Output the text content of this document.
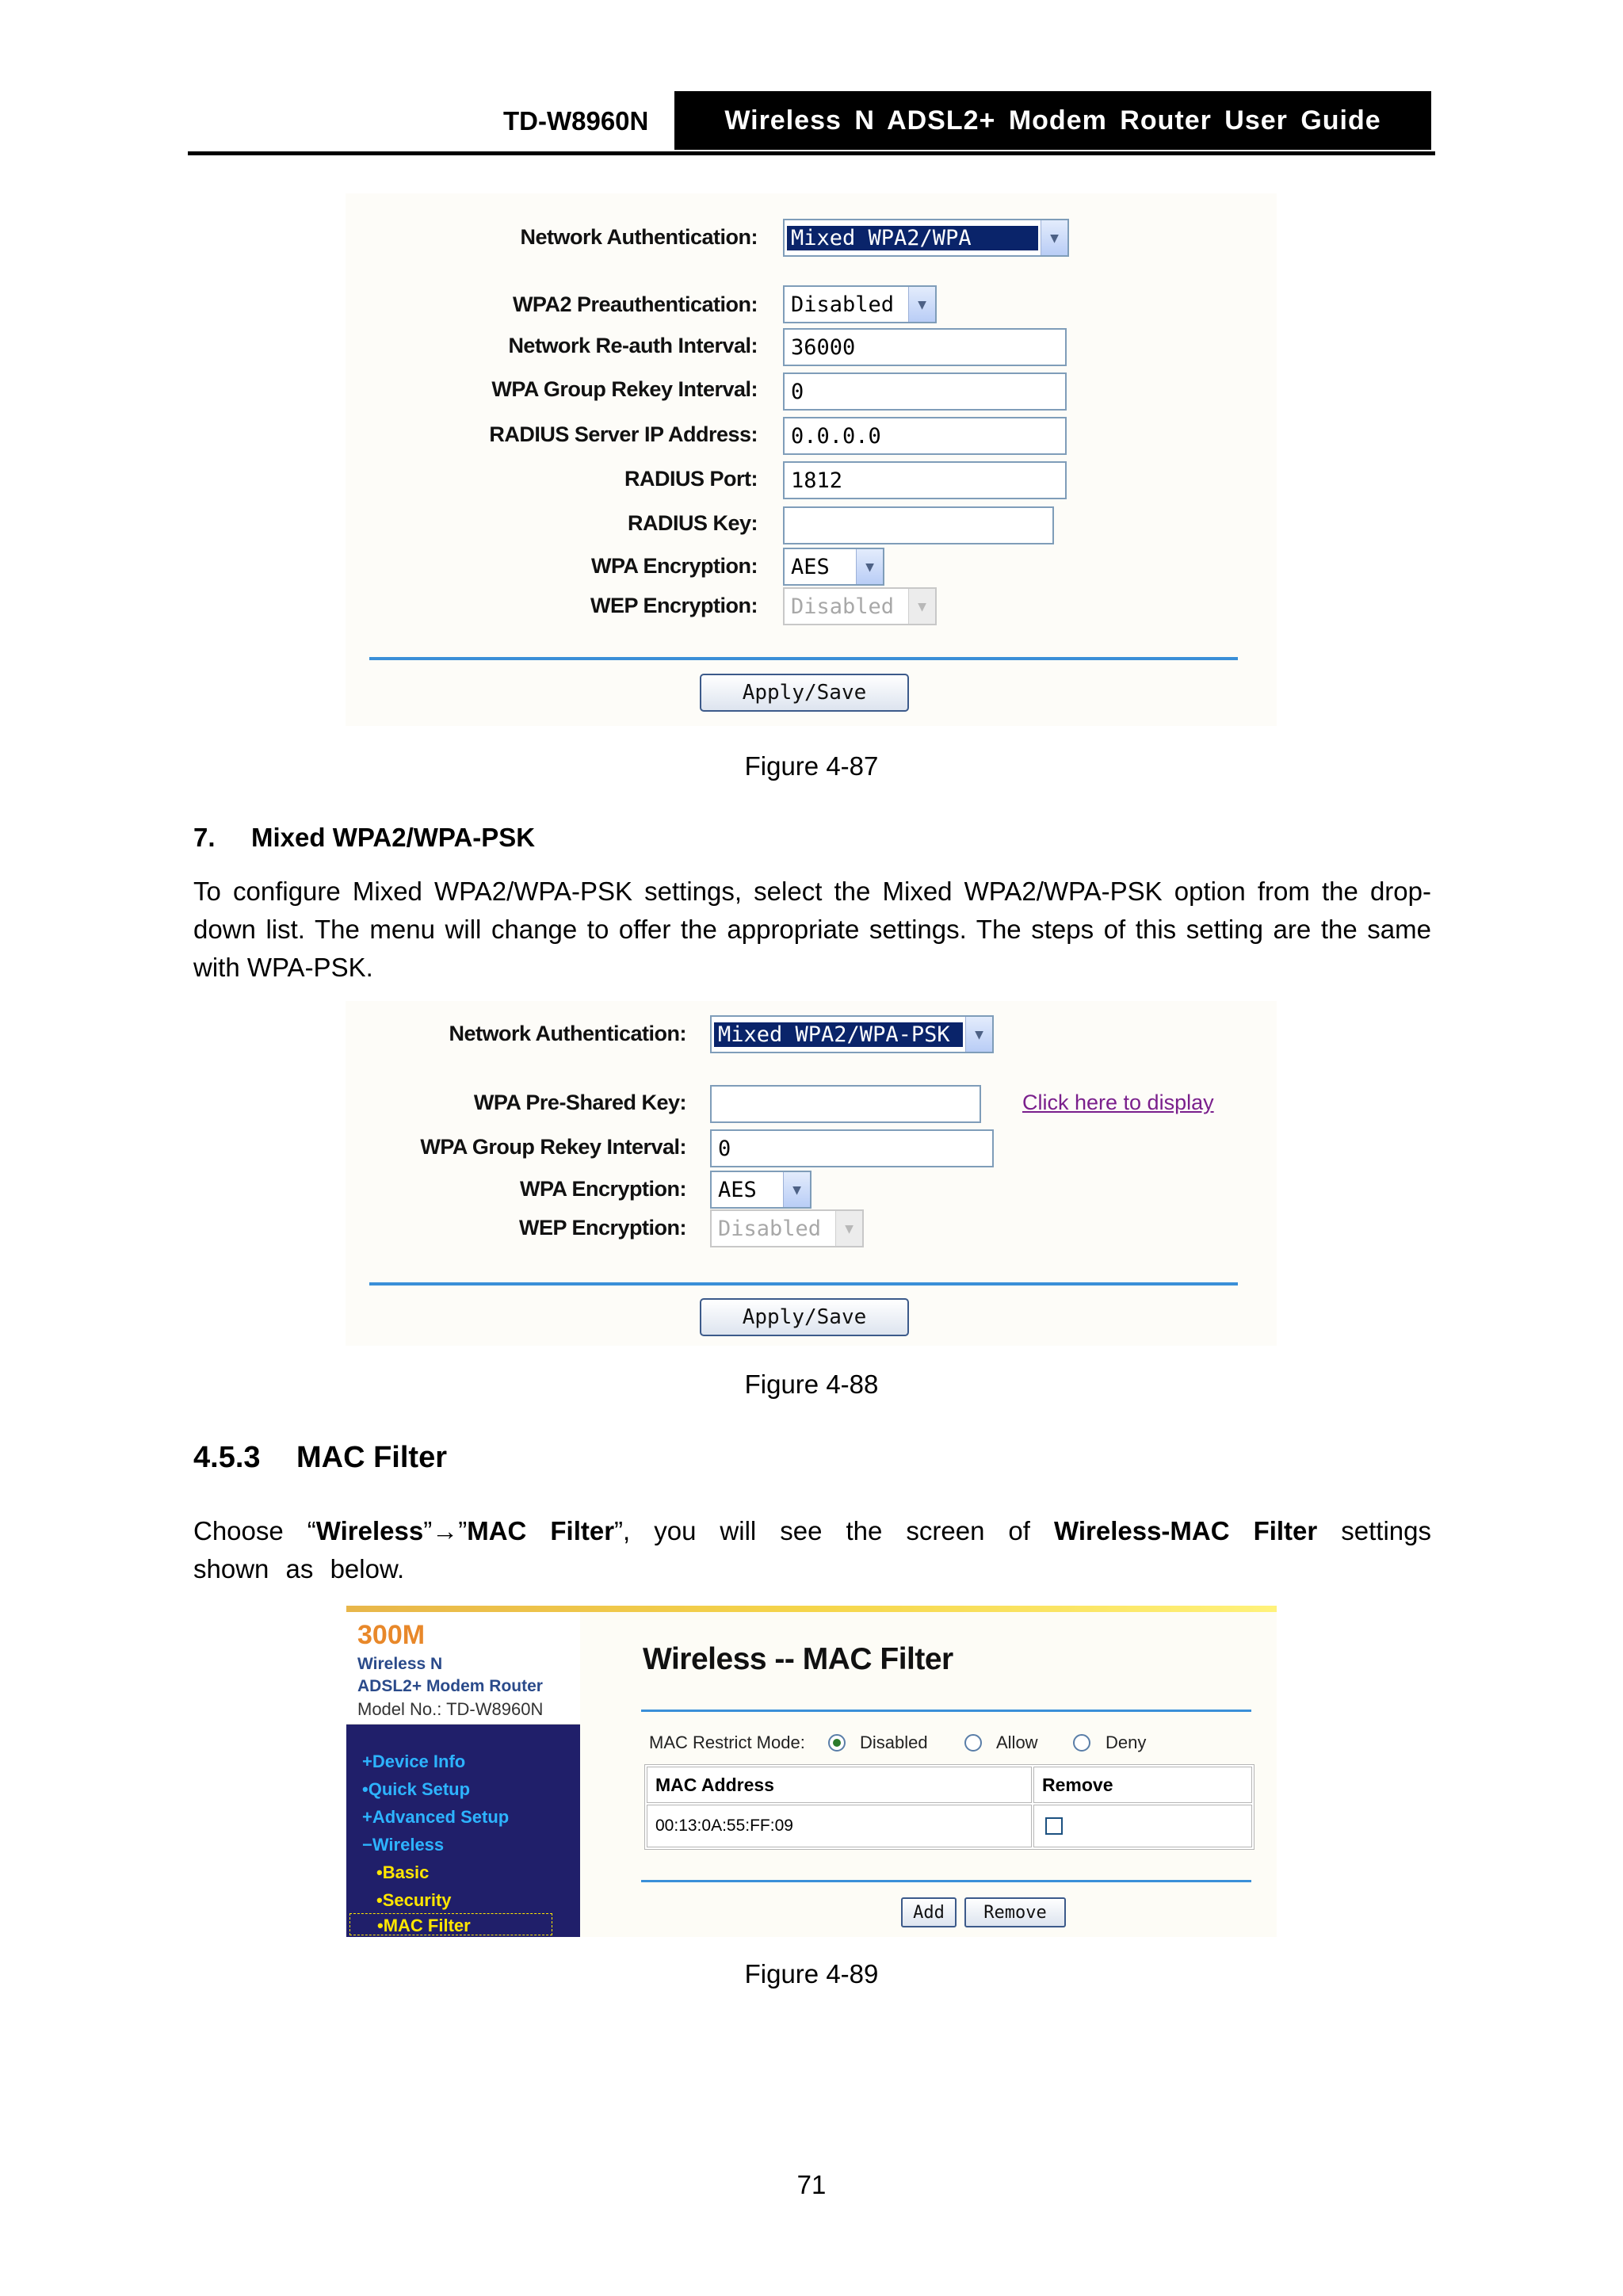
TD-W8960N	Wireless N ADSL2+ Modem Router User Guide
Network Authentication: Mixed WPA2/WPA	▼
WPA2 Preauthentication: Disabled	▼
Network Re-auth Interval:	36000
WPA Group Rekey Interval:	0
RADIUS Server IP Address:	0.0.0.0
RADIUS Port:	1812
RADIUS Key:
WPA Encryption: AES	▼
WEP Encryption: Disabled	▼
Apply/Save
Figure 4-87
7. Mixed WPA2/WPA-PSK
To configure Mixed WPA2/WPA-PSK settings, select the Mixed WPA2/WPA-PSK option from the drop-down list. The menu will change to offer the appropriate settings. The steps of this setting are the same with WPA-PSK.
Network Authentication: Mixed WPA2/WPA-PSK	▼
WPA Pre-Shared Key:	Click here to display
WPA Group Rekey Interval:	0
WPA Encryption: AES	▼
WEP Encryption: Disabled	▼
Apply/Save
Figure 4-88
4.5.3 MAC Filter
Choose “Wireless”→”MAC Filter”, you will see the screen of Wireless-MAC Filter settings shown as below.
300M
Wireless N
ADSL2+ Modem Router
Model No.: TD-W8960N
+Device Info
•Quick Setup
+Advanced Setup
−Wireless
•Basic
•Security
•MAC Filter
Wireless -- MAC Filter
MAC Restrict Mode:	Disabled	Allow	Deny
MAC Address	Remove
00:13:0A:55:FF:09
Add	Remove
Figure 4-89
71
